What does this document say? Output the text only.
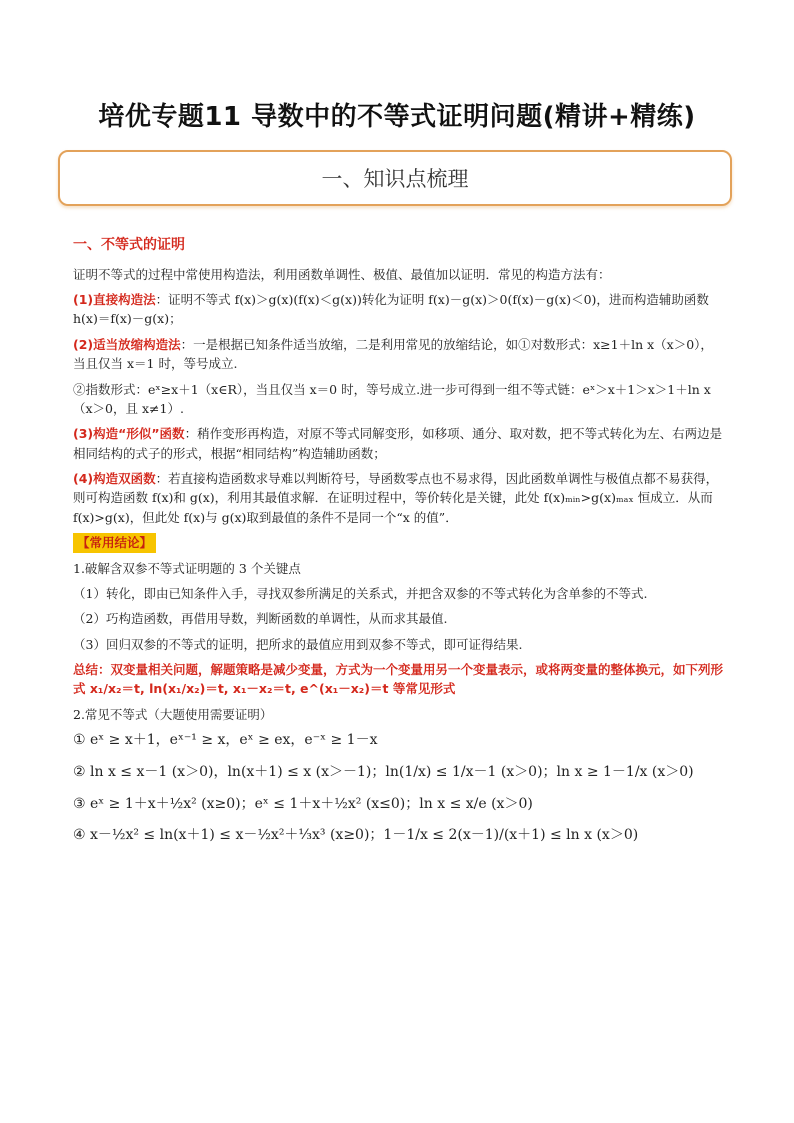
培优专题11 导数中的不等式证明问题(精讲+精练)
一、知识点梳理
一、不等式的证明

证明不等式的过程中常使用构造法，利用函数单调性、极值、最值加以证明．常见的构造方法有：

(1)直接构造法：证明不等式 f(x)＞g(x)(f(x)＜g(x))转化为证明 f(x)－g(x)＞0(f(x)－g(x)＜0)，进而构造辅助函数 h(x)＝f(x)－g(x)；

(2)适当放缩构造法：一是根据已知条件适当放缩，二是利用常见的放缩结论，如①对数形式：x≥1＋ln x（x＞0），当且仅当 x＝1 时，等号成立.

②指数形式：eˣ≥x＋1（x∈R），当且仅当 x＝0 时，等号成立.进一步可得到一组不等式链：eˣ＞x＋1＞x＞1＋ln x（x＞0，且 x≠1）.

(3)构造“形似”函数：稍作变形再构造，对原不等式同解变形，如移项、通分、取对数，把不等式转化为左、右两边是相同结构的式子的形式，根据“相同结构”构造辅助函数；

(4)构造双函数：若直接构造函数求导难以判断符号，导函数零点也不易求得，因此函数单调性与极值点都不易获得，则可构造函数 f(x)和 g(x)，利用其最值求解．在证明过程中，等价转化是关键，此处 f(x)ₘᵢₙ>g(x)ₘₐₓ 恒成立．从而 f(x)>g(x)，但此处 f(x)与 g(x)取到最值的条件不是同一个“x 的值”．

【常用结论】

1.破解含双参不等式证明题的 3 个关键点

（1）转化，即由已知条件入手，寻找双参所满足的关系式，并把含双参的不等式转化为含单参的不等式.

（2）巧构造函数，再借用导数，判断函数的单调性，从而求其最值.

（3）回归双参的不等式的证明，把所求的最值应用到双参不等式，即可证得结果.

总结：双变量相关问题，解题策略是减少变量，方式为一个变量用另一个变量表示，或将两变量的整体换元，如下列形式 x₁/x₂＝t, ln(x₁/x₂)＝t, x₁－x₂＝t, e^(x₁－x₂)＝t 等常见形式

2.常见不等式（大题使用需要证明）

① eˣ ≥ x＋1，eˣ⁻¹ ≥ x，eˣ ≥ ex，e⁻ˣ ≥ 1－x

② ln x ≤ x－1 (x＞0)，ln(x＋1) ≤ x (x＞－1)；ln(1/x) ≤ 1/x－1 (x＞0)；ln x ≥ 1－1/x (x＞0)

③ eˣ ≥ 1＋x＋½x² (x≥0)；eˣ ≤ 1＋x＋½x² (x≤0)；ln x ≤ x/e (x＞0)

④ x－½x² ≤ ln(x＋1) ≤ x－½x²＋⅓x³ (x≥0)；1－1/x ≤ 2(x－1)/(x＋1) ≤ ln x (x＞0)
